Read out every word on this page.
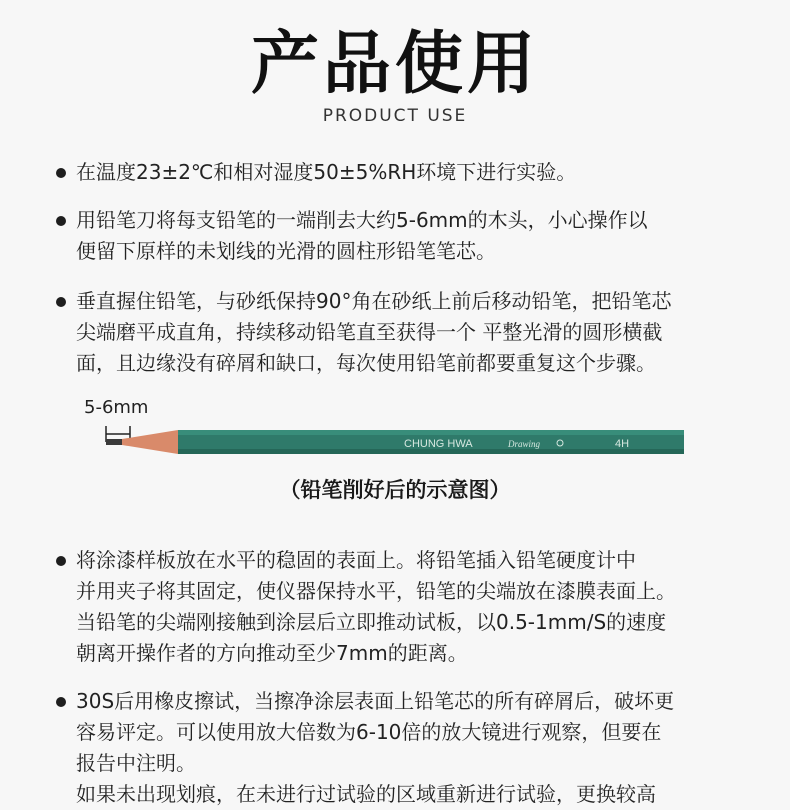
产品使用
PRODUCT USE
在温度23±2℃和相对湿度50±5%RH环境下进行实验。
用铅笔刀将每支铅笔的一端削去大约5-6mm的木头，小心操作以
便留下原样的未划线的光滑的圆柱形铅笔笔芯。
垂直握住铅笔，与砂纸保持90°角在砂纸上前后移动铅笔，把铅笔芯
尖端磨平成直角，持续移动铅笔直至获得一个 平整光滑的圆形横截
面，且边缘没有碎屑和缺口，每次使用铅笔前都要重复这个步骤。
5-6mm
CHUNG HWA	Drawing	4H
（铅笔削好后的示意图）
将涂漆样板放在水平的稳固的表面上。将铅笔插入铅笔硬度计中
并用夹子将其固定，使仪器保持水平，铅笔的尖端放在漆膜表面上。
当铅笔的尖端刚接触到涂层后立即推动试板，以0.5-1mm/S的速度
朝离开操作者的方向推动至少7mm的距离。
30S后用橡皮擦试，当擦净涂层表面上铅笔芯的所有碎屑后，破坏更
容易评定。可以使用放大倍数为6-10倍的放大镜进行观察，但要在
报告中注明。
如果未出现划痕，在未进行过试验的区域重新进行试验，更换较高
